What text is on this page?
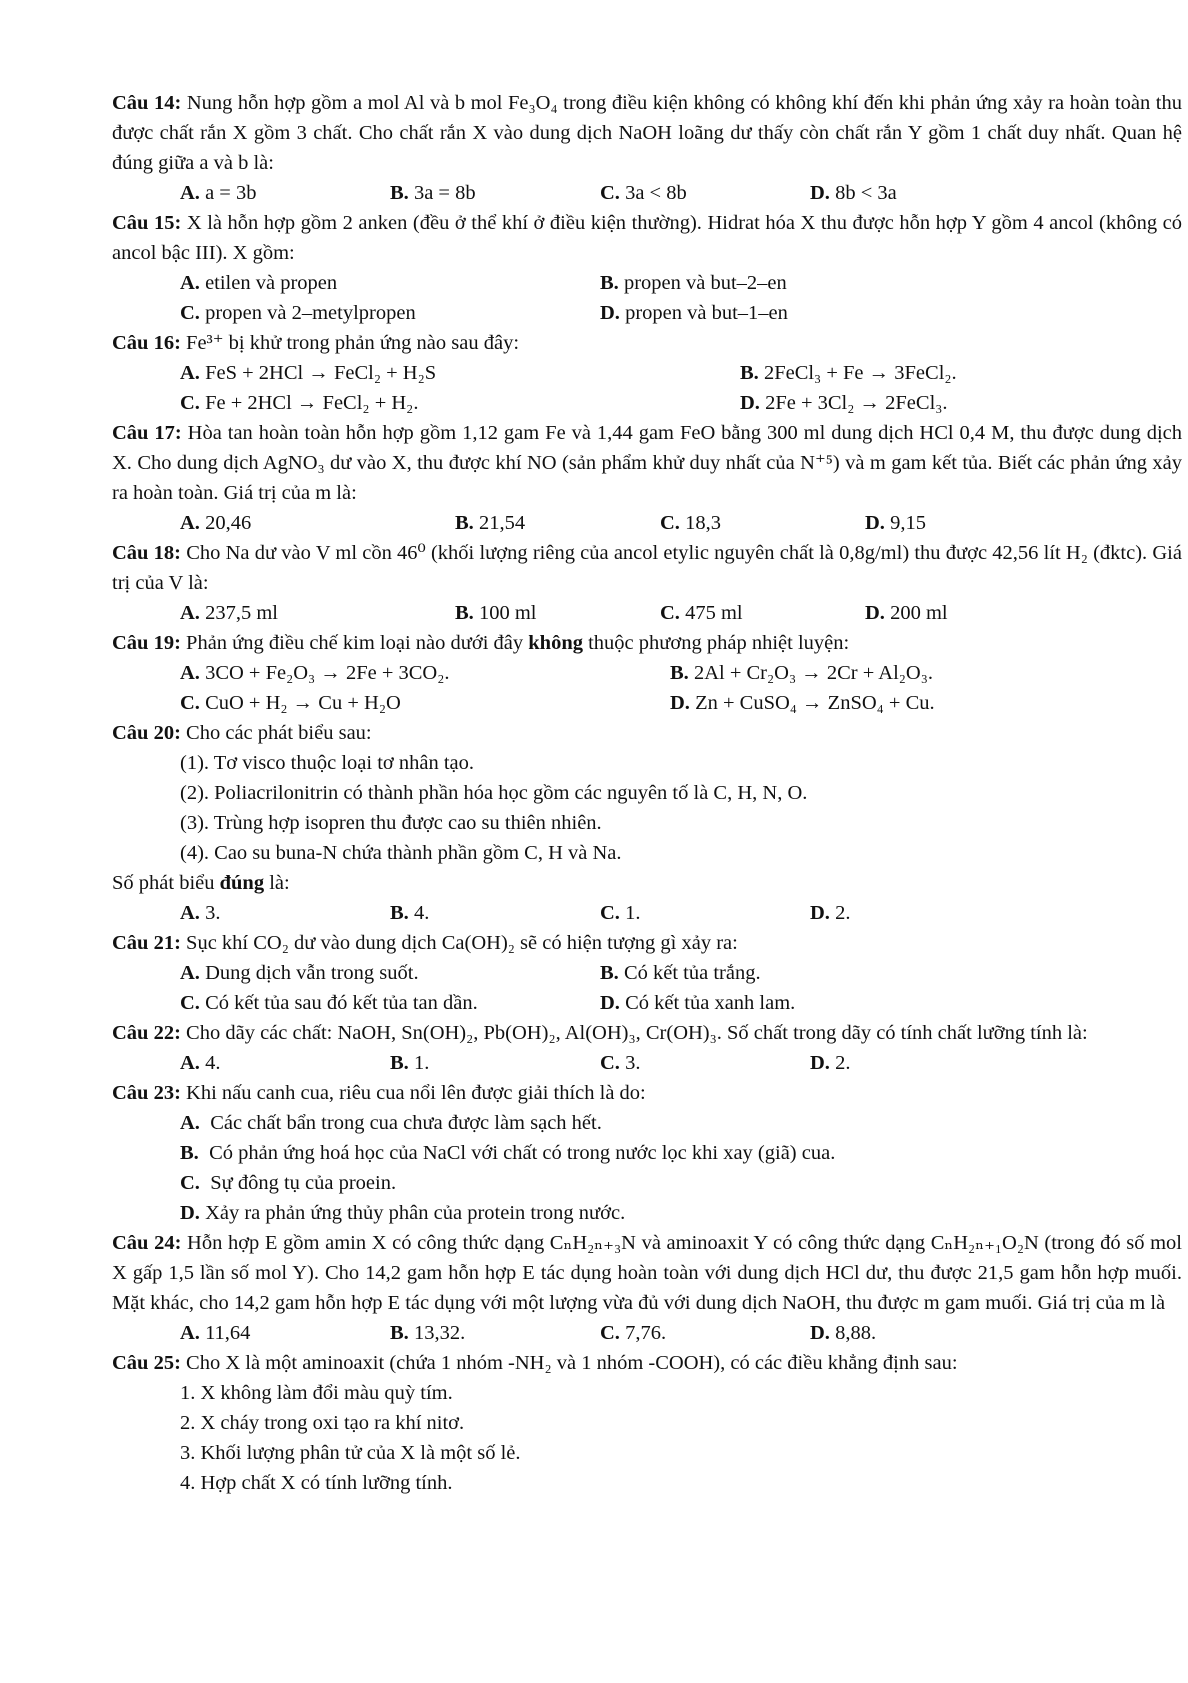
Câu 14: Nung hỗn hợp gồm a mol Al và b mol Fe₃O₄ trong điều kiện không có không khí đến khi phản ứng xảy ra hoàn toàn thu được chất rắn X gồm 3 chất. Cho chất rắn X vào dung dịch NaOH loãng dư thấy còn chất rắn Y gồm 1 chất duy nhất. Quan hệ đúng giữa a và b là:
A. a = 3b	B. 3a = 8b	C. 3a < 8b	D. 8b < 3a
Câu 15: X là hỗn hợp gồm 2 anken (đều ở thể khí ở điều kiện thường). Hidrat hóa X thu được hỗn hợp Y gồm 4 ancol (không có ancol bậc III). X gồm:
A. etilen và propen	B. propen và but–2–en
C. propen và 2–metylpropen	D. propen và but–1–en
Câu 16: Fe³⁺ bị khử trong phản ứng nào sau đây:
A. FeS + 2HCl → FeCl₂ + H₂S	B. 2FeCl₃ + Fe → 3FeCl₂.
C. Fe + 2HCl → FeCl₂ + H₂.	D. 2Fe + 3Cl₂ → 2FeCl₃.
Câu 17: Hòa tan hoàn toàn hỗn hợp gồm 1,12 gam Fe và 1,44 gam FeO bằng 300 ml dung dịch HCl 0,4 M, thu được dung dịch X. Cho dung dịch AgNO₃ dư vào X, thu được khí NO (sản phẩm khử duy nhất của N⁺⁵) và m gam kết tủa. Biết các phản ứng xảy ra hoàn toàn. Giá trị của m là:
A. 20,46	B. 21,54	C. 18,3	D. 9,15
Câu 18: Cho Na dư vào V ml cồn 46⁰ (khối lượng riêng của ancol etylic nguyên chất là 0,8g/ml) thu được 42,56 lít H₂ (đktc). Giá trị của V là:
A. 237,5 ml	B. 100 ml	C. 475 ml	D. 200 ml
Câu 19: Phản ứng điều chế kim loại nào dưới đây không thuộc phương pháp nhiệt luyện:
A. 3CO + Fe₂O₃ → 2Fe + 3CO₂.	B. 2Al + Cr₂O₃ → 2Cr + Al₂O₃.
C. CuO + H₂ → Cu + H₂O	D. Zn + CuSO₄ → ZnSO₄ + Cu.
Câu 20: Cho các phát biểu sau:
(1). Tơ visco thuộc loại tơ nhân tạo.
(2). Poliacrilonitrin có thành phần hóa học gồm các nguyên tố là C, H, N, O.
(3). Trùng hợp isopren thu được cao su thiên nhiên.
(4). Cao su buna-N chứa thành phần gồm C, H và Na.
Số phát biểu đúng là:
A. 3.	B. 4.	C. 1.	D. 2.
Câu 21: Sục khí CO₂ dư vào dung dịch Ca(OH)₂ sẽ có hiện tượng gì xảy ra:
A. Dung dịch vẫn trong suốt.	B. Có kết tủa trắng.
C. Có kết tủa sau đó kết tủa tan dần.	D. Có kết tủa xanh lam.
Câu 22: Cho dãy các chất: NaOH, Sn(OH)₂, Pb(OH)₂, Al(OH)₃, Cr(OH)₃. Số chất trong dãy có tính chất lưỡng tính là:
A. 4.	B. 1.	C. 3.	D. 2.
Câu 23: Khi nấu canh cua, riêu cua nổi lên được giải thích là do:
A. Các chất bẩn trong cua chưa được làm sạch hết.
B. Có phản ứng hoá học của NaCl với chất có trong nước lọc khi xay (giã) cua.
C. Sự đông tụ của proein.
D. Xảy ra phản ứng thủy phân của protein trong nước.
Câu 24: Hỗn hợp E gồm amin X có công thức dạng CₙH₂ₙ₊₃N và aminoaxit Y có công thức dạng CₙH₂ₙ₊₁O₂N (trong đó số mol X gấp 1,5 lần số mol Y). Cho 14,2 gam hỗn hợp E tác dụng hoàn toàn với dung dịch HCl dư, thu được 21,5 gam hỗn hợp muối. Mặt khác, cho 14,2 gam hỗn hợp E tác dụng với một lượng vừa đủ với dung dịch NaOH, thu được m gam muối. Giá trị của m là
A. 11,64	B. 13,32.	C. 7,76.	D. 8,88.
Câu 25: Cho X là một aminoaxit (chứa 1 nhóm -NH₂ và 1 nhóm -COOH), có các điều khẳng định sau:
1. X không làm đổi màu quỳ tím.
2. X cháy trong oxi tạo ra khí nitơ.
3. Khối lượng phân tử của X là một số lẻ.
4. Hợp chất X có tính lưỡng tính.
